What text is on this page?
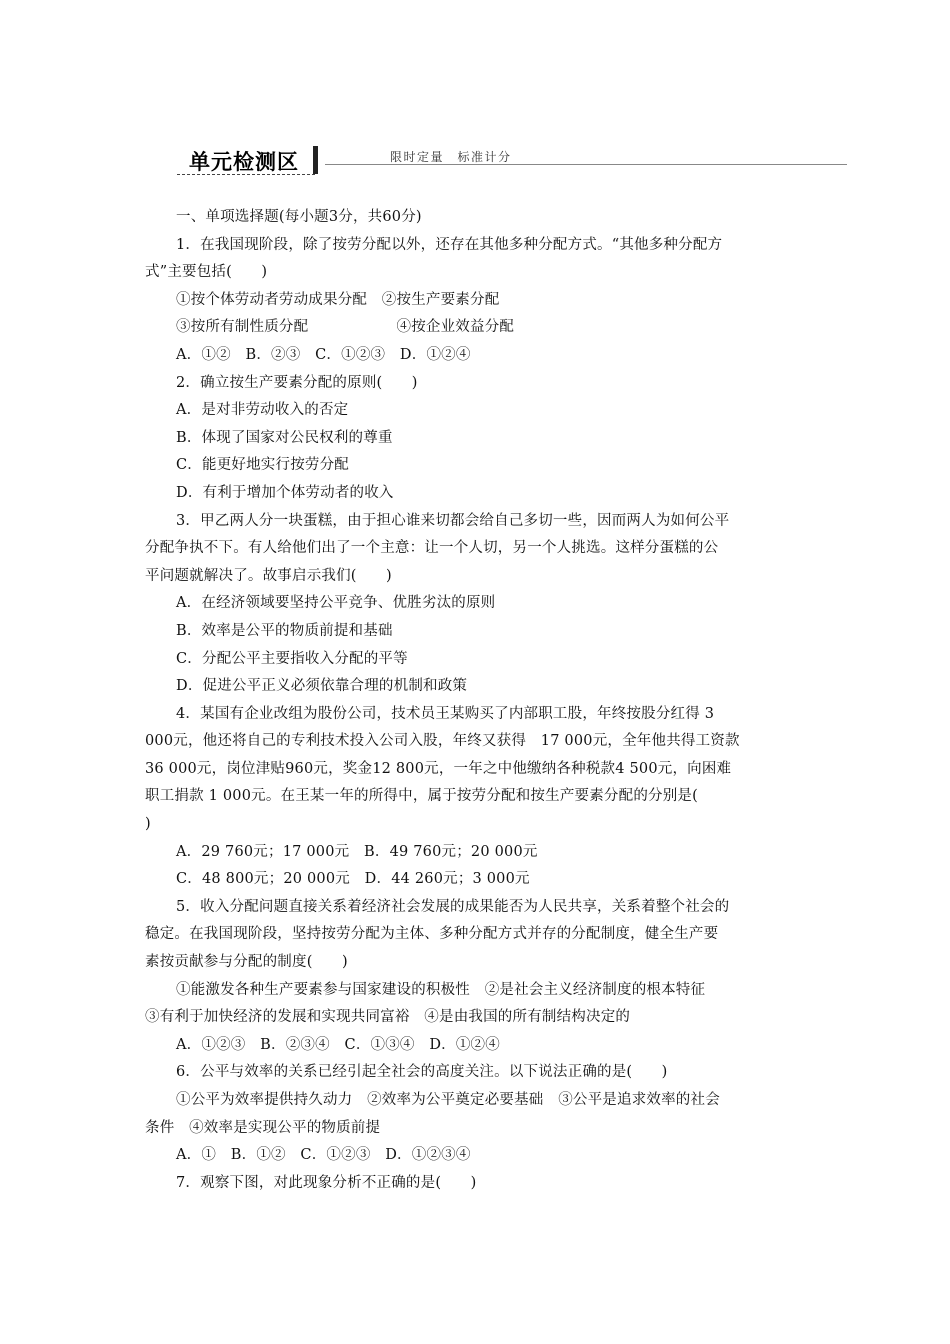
单元检测区	限时定量　标准计分
一、单项选择题(每小题3分，共60分)
1．在我国现阶段，除了按劳分配以外，还存在其他多种分配方式。“其他多种分配方
式”主要包括(　　)
①按个体劳动者劳动成果分配　②按生产要素分配
③按所有制性质分配　　　　　　④按企业效益分配
A．①②　B．②③　C．①②③　D．①②④
2．确立按生产要素分配的原则(　　)
A．是对非劳动收入的否定
B．体现了国家对公民权利的尊重
C．能更好地实行按劳分配
D．有利于增加个体劳动者的收入
3．甲乙两人分一块蛋糕，由于担心谁来切都会给自己多切一些，因而两人为如何公平
分配争执不下。有人给他们出了一个主意：让一个人切，另一个人挑选。这样分蛋糕的公
平问题就解决了。故事启示我们(　　)
A．在经济领域要坚持公平竞争、优胜劣汰的原则
B．效率是公平的物质前提和基础
C．分配公平主要指收入分配的平等
D．促进公平正义必须依靠合理的机制和政策
4．某国有企业改组为股份公司，技术员王某购买了内部职工股，年终按股分红得 3
000元，他还将自己的专利技术投入公司入股，年终又获得　17 000元，全年他共得工资款
36 000元，岗位津贴960元，奖金12 800元，一年之中他缴纳各种税款4 500元，向困难
职工捐款 1 000元。在王某一年的所得中，属于按劳分配和按生产要素分配的分别是(
)
A．29 760元；17 000元　B．49 760元；20 000元
C．48 800元；20 000元　D．44 260元；3 000元
5．收入分配问题直接关系着经济社会发展的成果能否为人民共享，关系着整个社会的
稳定。在我国现阶段，坚持按劳分配为主体、多种分配方式并存的分配制度，健全生产要
素按贡献参与分配的制度(　　)
①能激发各种生产要素参与国家建设的积极性　②是社会主义经济制度的根本特征
③有利于加快经济的发展和实现共同富裕　④是由我国的所有制结构决定的
A．①②③　B．②③④　C．①③④　D．①②④
6．公平与效率的关系已经引起全社会的高度关注。以下说法正确的是(　　)
①公平为效率提供持久动力　②效率为公平奠定必要基础　③公平是追求效率的社会
条件　④效率是实现公平的物质前提
A．①　B．①②　C．①②③　D．①②③④
7．观察下图，对此现象分析不正确的是(　　)
